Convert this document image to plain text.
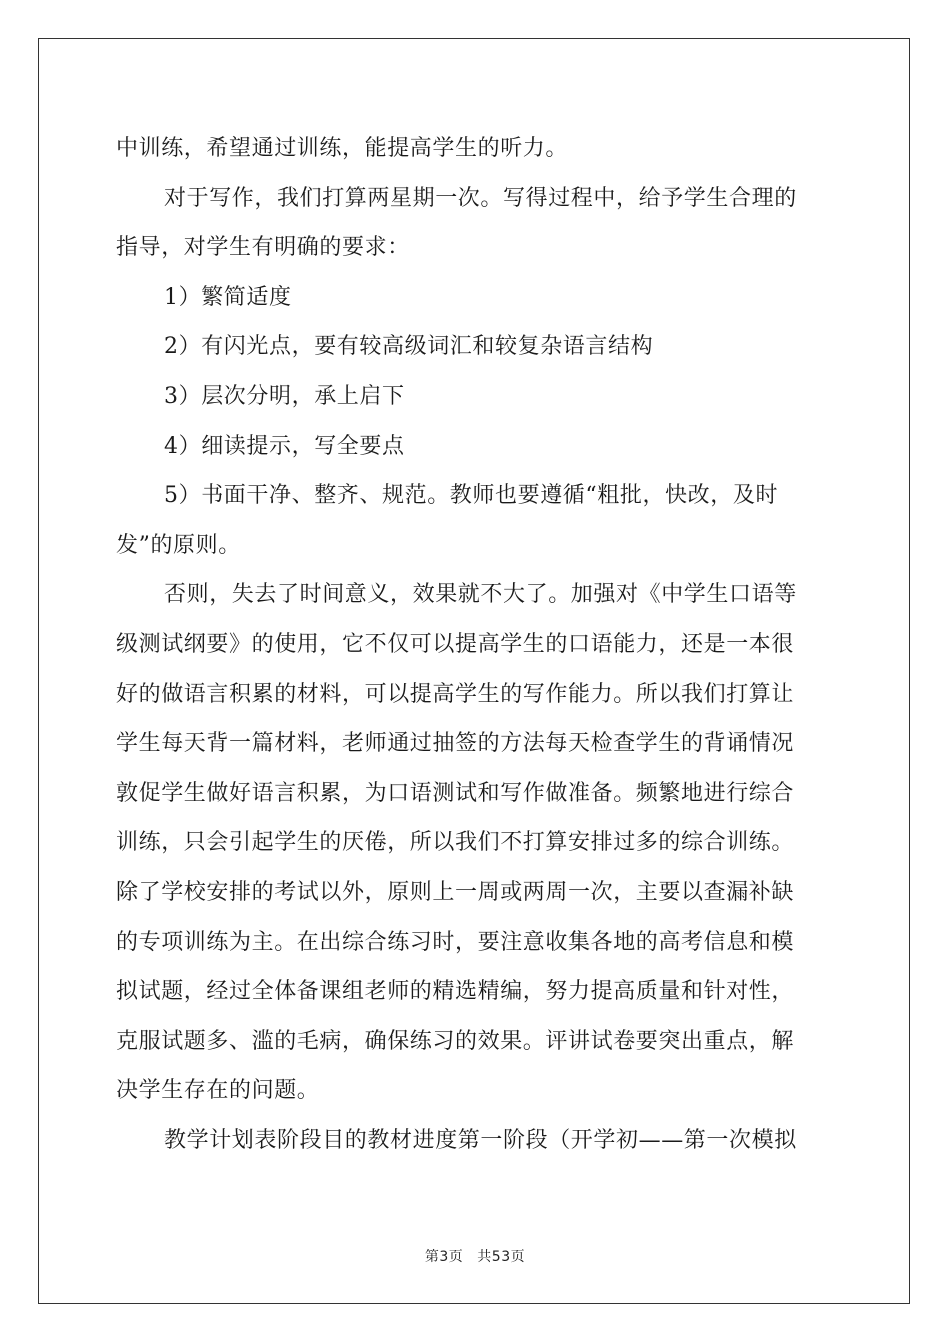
中训练，希望通过训练，能提高学生的听力。
对于写作，我们打算两星期一次。写得过程中，给予学生合理的
指导，对学生有明确的要求：
1）繁简适度
2）有闪光点，要有较高级词汇和较复杂语言结构
3）层次分明，承上启下
4）细读提示，写全要点
5）书面干净、整齐、规范。教师也要遵循“粗批，快改，及时
发”的原则。
否则，失去了时间意义，效果就不大了。加强对《中学生口语等
级测试纲要》的使用，它不仅可以提高学生的口语能力，还是一本很
好的做语言积累的材料，可以提高学生的写作能力。所以我们打算让
学生每天背一篇材料，老师通过抽签的方法每天检查学生的背诵情况
敦促学生做好语言积累，为口语测试和写作做准备。频繁地进行综合
训练，只会引起学生的厌倦，所以我们不打算安排过多的综合训练。
除了学校安排的考试以外，原则上一周或两周一次，主要以查漏补缺
的专项训练为主。在出综合练习时，要注意收集各地的高考信息和模
拟试题，经过全体备课组老师的精选精编，努力提高质量和针对性，
克服试题多、滥的毛病，确保练习的效果。评讲试卷要突出重点，解
决学生存在的问题。
教学计划表阶段目的教材进度第一阶段（开学初——第一次模拟
第3页 共53页
